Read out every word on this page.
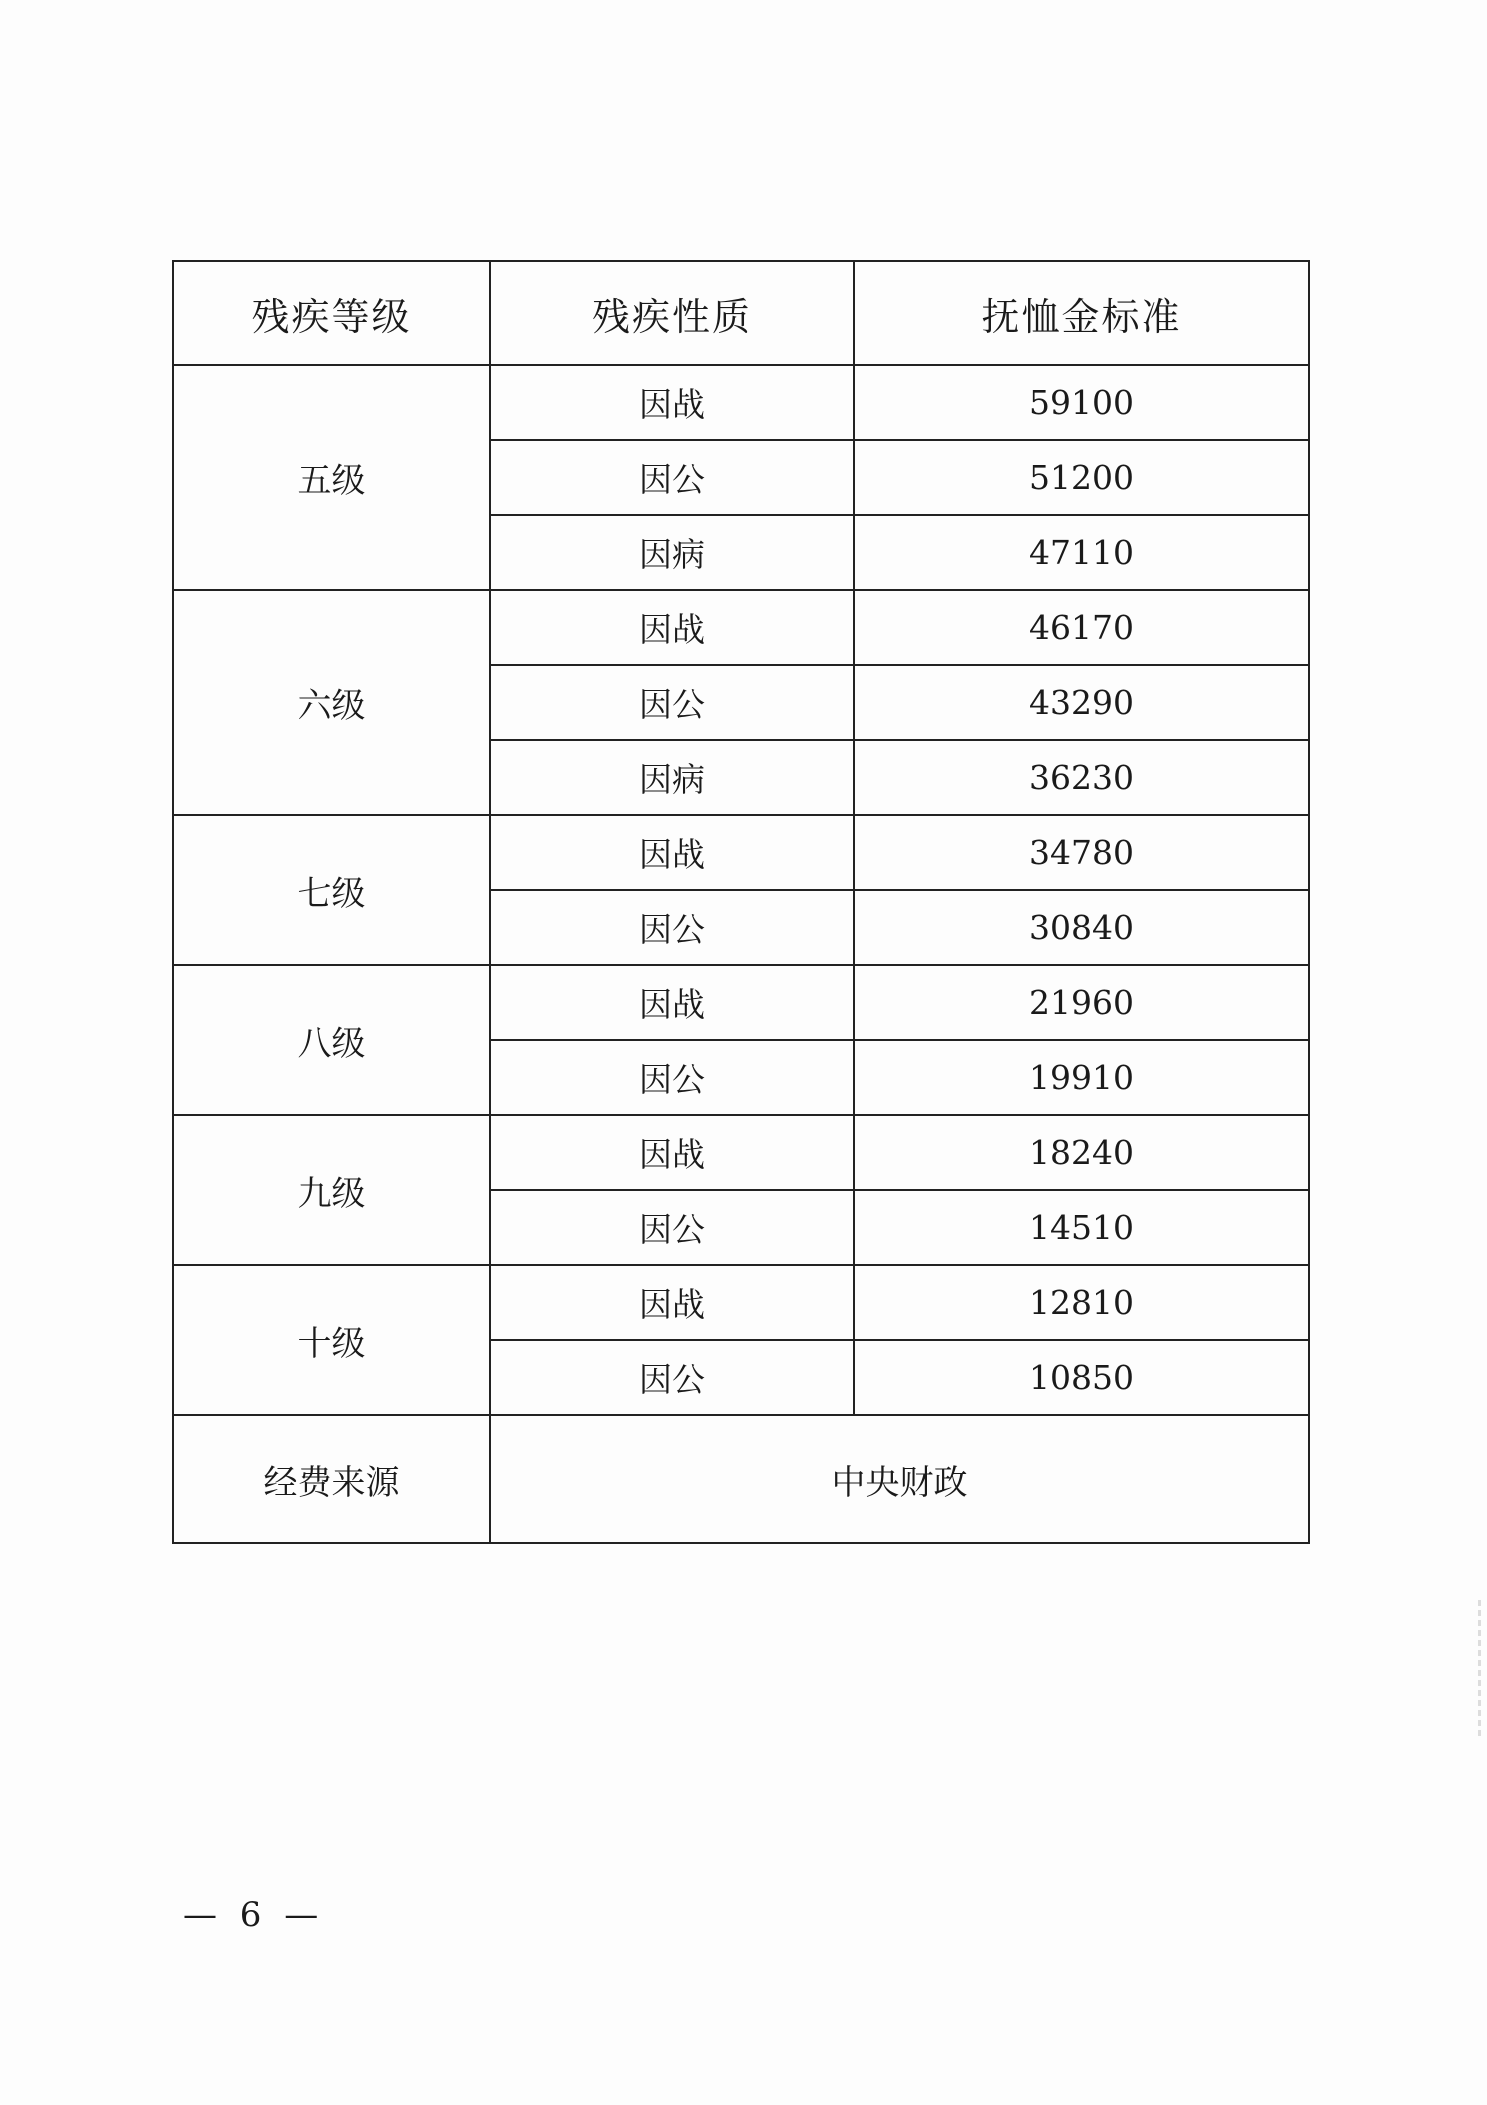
残疾等级	残疾性质	抚恤金标准
五级	因战	59100
	因公	51200
	因病	47110
六级	因战	46170
	因公	43290
	因病	36230
七级	因战	34780
	因公	30840
八级	因战	21960
	因公	19910
九级	因战	18240
	因公	14510
十级	因战	12810
	因公	10850
经费来源	中央财政	
— 6 —
